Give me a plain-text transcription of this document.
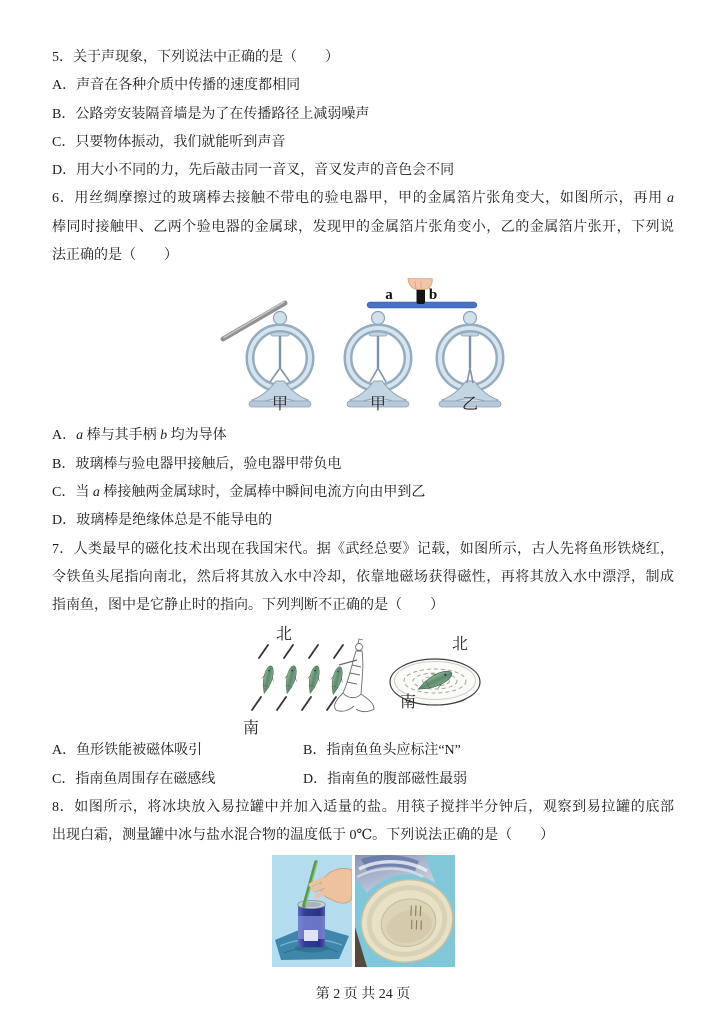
5．关于声现象，下列说法中正确的是（　　）
A．声音在各种介质中传播的速度都相同
B．公路旁安装隔音墙是为了在传播路径上减弱噪声
C．只要物体振动，我们就能听到声音
D．用大小不同的力，先后敲击同一音叉，音叉发声的音色会不同
6．用丝绸摩擦过的玻璃棒去接触不带电的验电器甲，甲的金属箔片张角变大，如图所示，再用 a
棒同时接触甲、乙两个验电器的金属球，发现甲的金属箔片张角变小，乙的金属箔片张开，下列说
法正确的是（　　）
a b
甲	甲	乙
A．a 棒与其手柄 b 均为导体
B．玻璃棒与验电器甲接触后，验电器甲带负电
C．当 a 棒接触两金属球时，金属棒中瞬间电流方向由甲到乙
D．玻璃棒是绝缘体总是不能导电的
7．人类最早的磁化技术出现在我国宋代。据《武经总要》记载，如图所示，古人先将鱼形铁烧红，
令铁鱼头尾指向南北，然后将其放入水中冷却，依靠地磁场获得磁性，再将其放入水中漂浮，制成
指南鱼，图中是它静止时的指向。下列判断不正确的是（　　）
北
南
北
南
A．鱼形铁能被磁体吸引	B．指南鱼鱼头应标注“N”
C．指南鱼周围存在磁感线	D．指南鱼的腹部磁性最弱
8．如图所示，将冰块放入易拉罐中并加入适量的盐。用筷子搅拌半分钟后，观察到易拉罐的底部
出现白霜，测量罐中冰与盐水混合物的温度低于 0℃。下列说法正确的是（　　）
第 2 页 共 24 页
